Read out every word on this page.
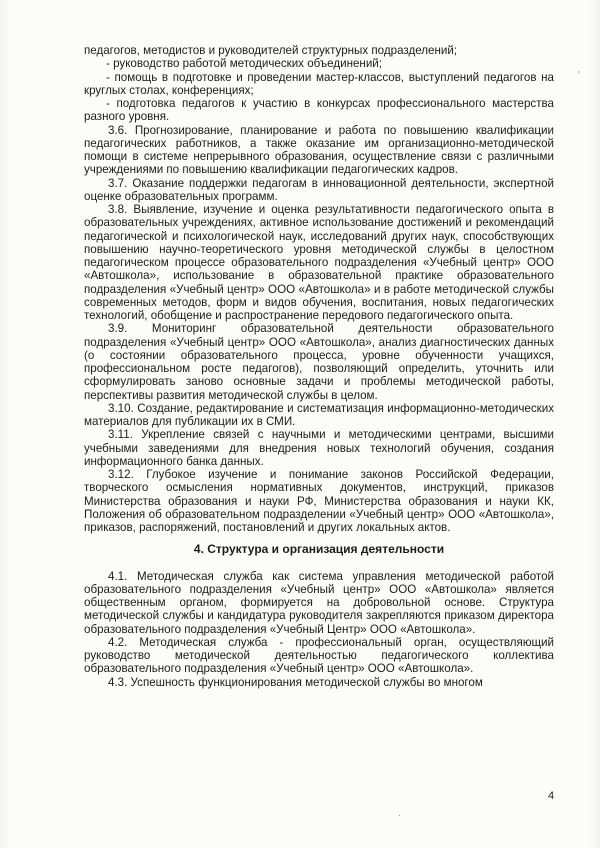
педагогов, методистов и руководителей структурных подразделений;

- руководство работой методических объединений;

- помощь в подготовке и проведении мастер-классов, выступлений педагогов на круглых столах, конференциях;

- подготовка педагогов к участию в конкурсах профессионального мастерства разного уровня.

3.6. Прогнозирование, планирование и работа по повышению квалификации педагогических работников, а также оказание им организационно-методической помощи в системе непрерывного образования, осуществление связи с различными учреждениями по повышению квалификации педагогических кадров.

3.7. Оказание поддержки педагогам в инновационной деятельности, экспертной оценке образовательных программ.

3.8. Выявление, изучение и оценка результативности педагогического опыта в образовательных учреждениях, активное использование достижений и рекомендаций педагогической и психологической наук, исследований других наук, способствующих повышению научно-теоретического уровня методической службы в целостном педагогическом процессе образовательного подразделения «Учебный центр» ООО «Автошкола», использование в образовательной практике образовательного подразделения «Учебный центр» ООО «Автошкола» и в работе методической службы современных методов, форм и видов обучения, воспитания, новых педагогических технологий, обобщение и распространение передового педагогического опыта.

3.9. Мониторинг образовательной деятельности образовательного подразделения «Учебный центр» ООО «Автошкола», анализ диагностических данных (о состоянии образовательного процесса, уровне обученности учащихся, профессиональном росте педагогов), позволяющий определить, уточнить или сформулировать заново основные задачи и проблемы методической работы, перспективы развития методической службы в целом.

3.10. Создание, редактирование и систематизация информационно-методических материалов для публикации их в СМИ.

3.11. Укрепление связей с научными и методическими центрами, высшими учебными заведениями для внедрения новых технологий обучения, создания информационного банка данных.

3.12. Глубокое изучение и понимание законов Российской Федерации, творческого осмысления нормативных документов, инструкций, приказов Министерства образования и науки РФ, Министерства образования и науки КК, Положения об образовательном подразделении «Учебный центр» ООО «Автошкола», приказов, распоряжений, постановлений и других локальных актов.

4. Структура и организация деятельности

4.1. Методическая служба как система управления методической работой образовательного подразделения «Учебный центр» ООО «Автошкола» является общественным органом, формируется на добровольной основе. Структура методической службы и кандидатура руководителя закрепляются приказом директора образовательного подразделения «Учебный Центр» ООО «Автошкола».

4.2. Методическая служба - профессиональный орган, осуществляющий руководство методической деятельностью педагогического коллектива образовательного подразделения «Учебный центр» ООО «Автошкола».

4.3. Успешность функционирования методической службы во многом

4
'
·
